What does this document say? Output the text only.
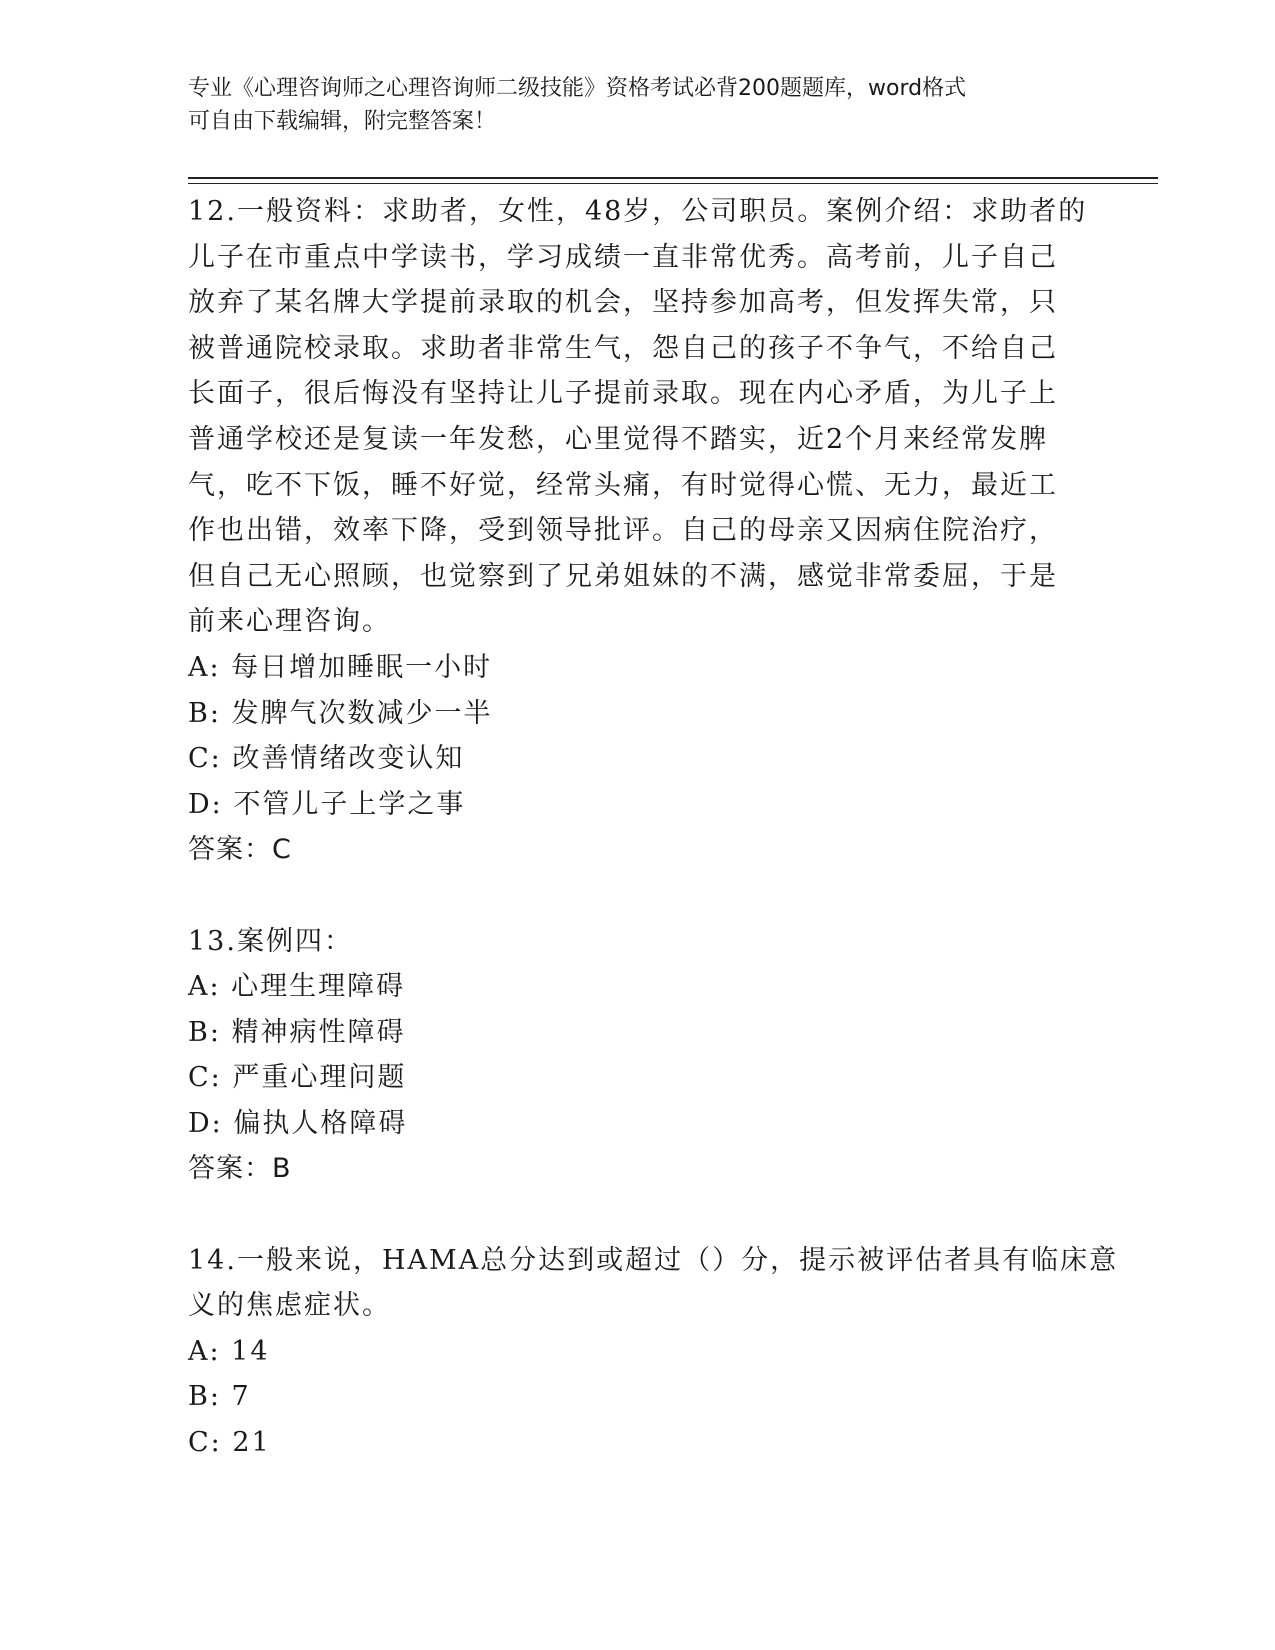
专业《心理咨询师之心理咨询师二级技能》资格考试必背200题题库，word格式
可自由下载编辑，附完整答案！
12.一般资料：求助者，女性，48岁，公司职员。案例介绍：求助者的
儿子在市重点中学读书，学习成绩一直非常优秀。高考前，儿子自己
放弃了某名牌大学提前录取的机会，坚持参加高考，但发挥失常，只
被普通院校录取。求助者非常生气，怨自己的孩子不争气，不给自己
长面子，很后悔没有坚持让儿子提前录取。现在内心矛盾，为儿子上
普通学校还是复读一年发愁，心里觉得不踏实，近2个月来经常发脾
气，吃不下饭，睡不好觉，经常头痛，有时觉得心慌、无力，最近工
作也出错，效率下降，受到领导批评。自己的母亲又因病住院治疗，
但自己无心照顾，也觉察到了兄弟姐妹的不满，感觉非常委屈，于是
前来心理咨询。
A: 每日增加睡眠一小时
B: 发脾气次数减少一半
C: 改善情绪改变认知
D: 不管儿子上学之事
答案：C
13.案例四：
A: 心理生理障碍
B: 精神病性障碍
C: 严重心理问题
D: 偏执人格障碍
答案：B
14.一般来说，HAMA总分达到或超过（）分，提示被评估者具有临床意
义的焦虑症状。
A: 14
B: 7
C: 21
